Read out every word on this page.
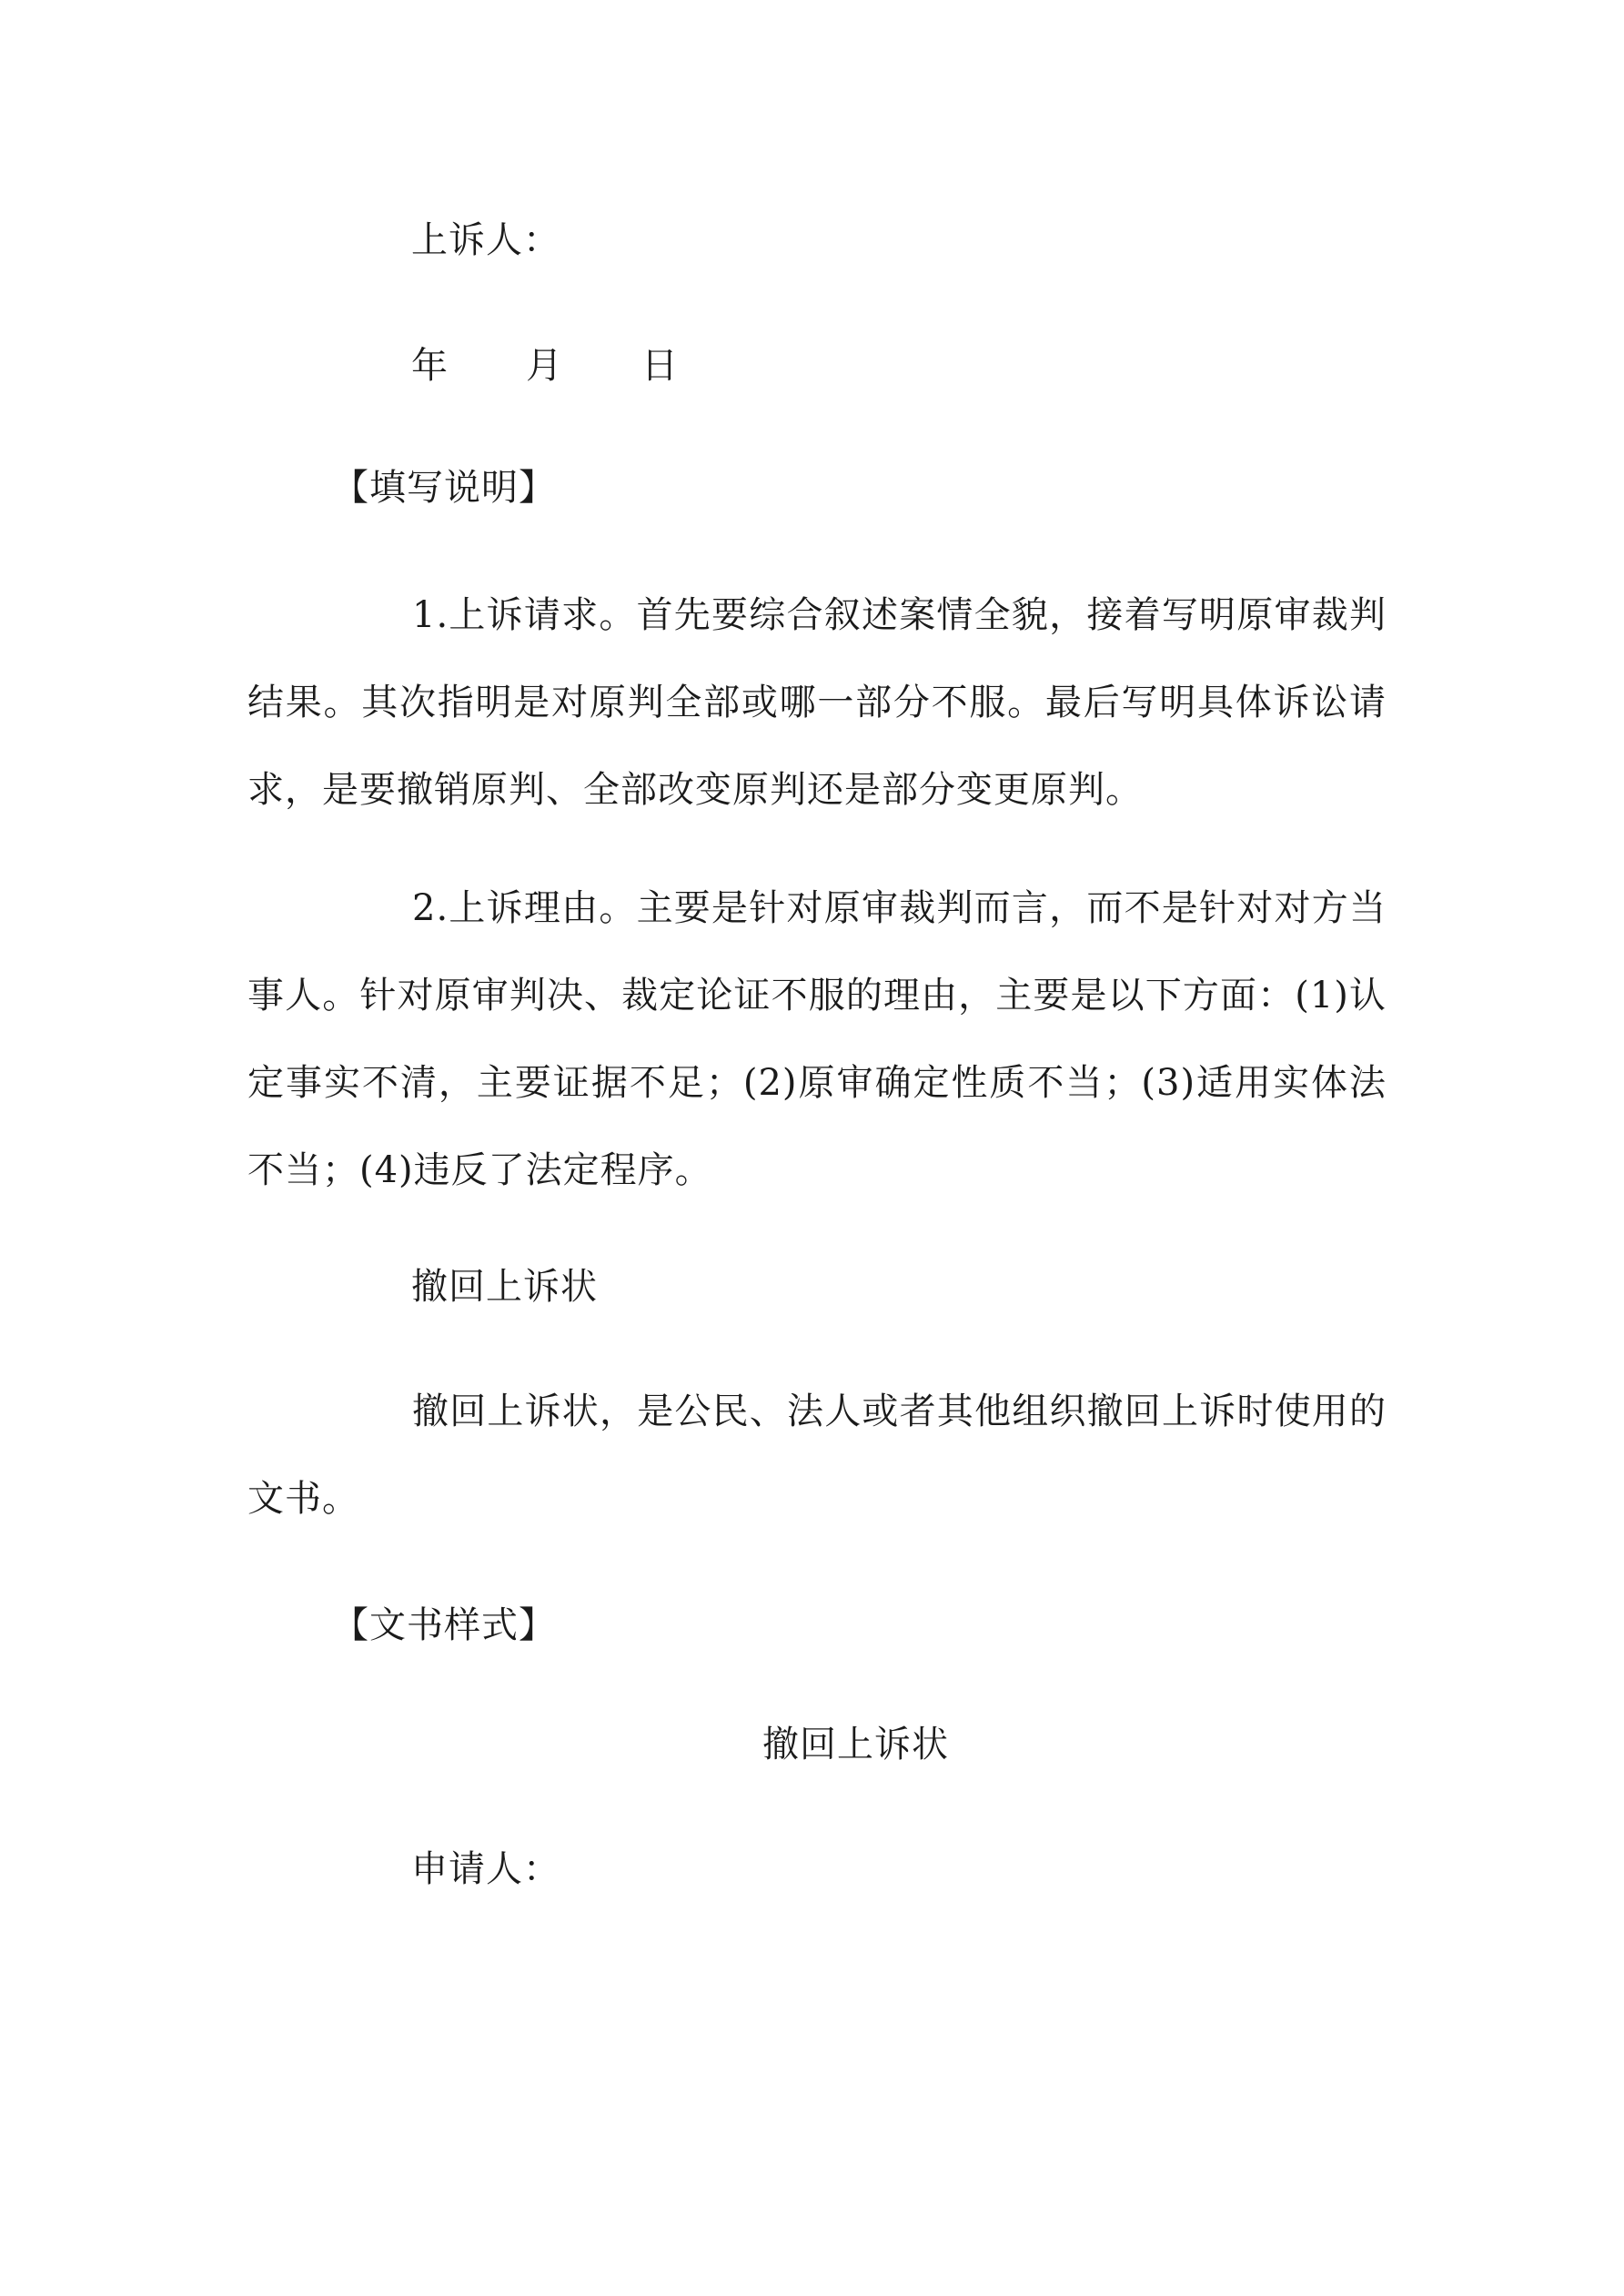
上诉人：
年 月 日
【填写说明】
1.上诉请求。首先要综合叙述案情全貌，接着写明原审裁判结果。其次指明是对原判全部或哪一部分不服。最后写明具体诉讼请求，是要撤销原判、全部改变原判还是部分变更原判。
2.上诉理由。主要是针对原审裁判而言，而不是针对对方当事人。针对原审判决、裁定论证不服的理由，主要是以下方面：(1)认定事实不清，主要证据不足；(2)原审确定性质不当；(3)适用实体法不当；(4)违反了法定程序。
撤回上诉状
撤回上诉状，是公民、法人或者其他组织撤回上诉时使用的文书。
【文书样式】
撤回上诉状
申请人：
